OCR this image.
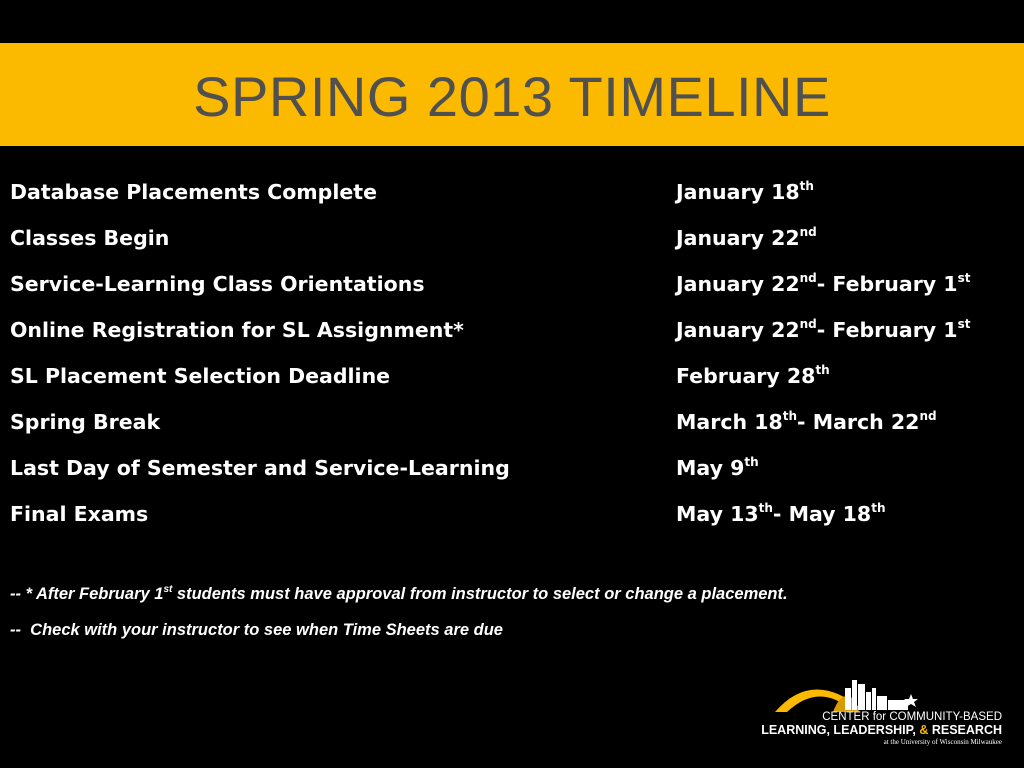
SPRING 2013 TIMELINE
Database Placements Complete	January 18th
Classes Begin	January 22nd
Service-Learning Class Orientations	January 22nd- February 1st
Online Registration for SL Assignment*	January 22nd- February 1st
SL Placement Selection Deadline	February 28th
Spring Break	March 18th- March 22nd
Last Day of Semester and Service-Learning	May 9th
Final Exams	May 13th- May 18th
-- * After February 1st students must have approval from instructor to select or change a placement.
--  Check with your instructor to see when Time Sheets are due
CENTER for COMMUNITY-BASED
LEARNING, LEADERSHIP, & RESEARCH
at the University of Wisconsin Milwaukee
